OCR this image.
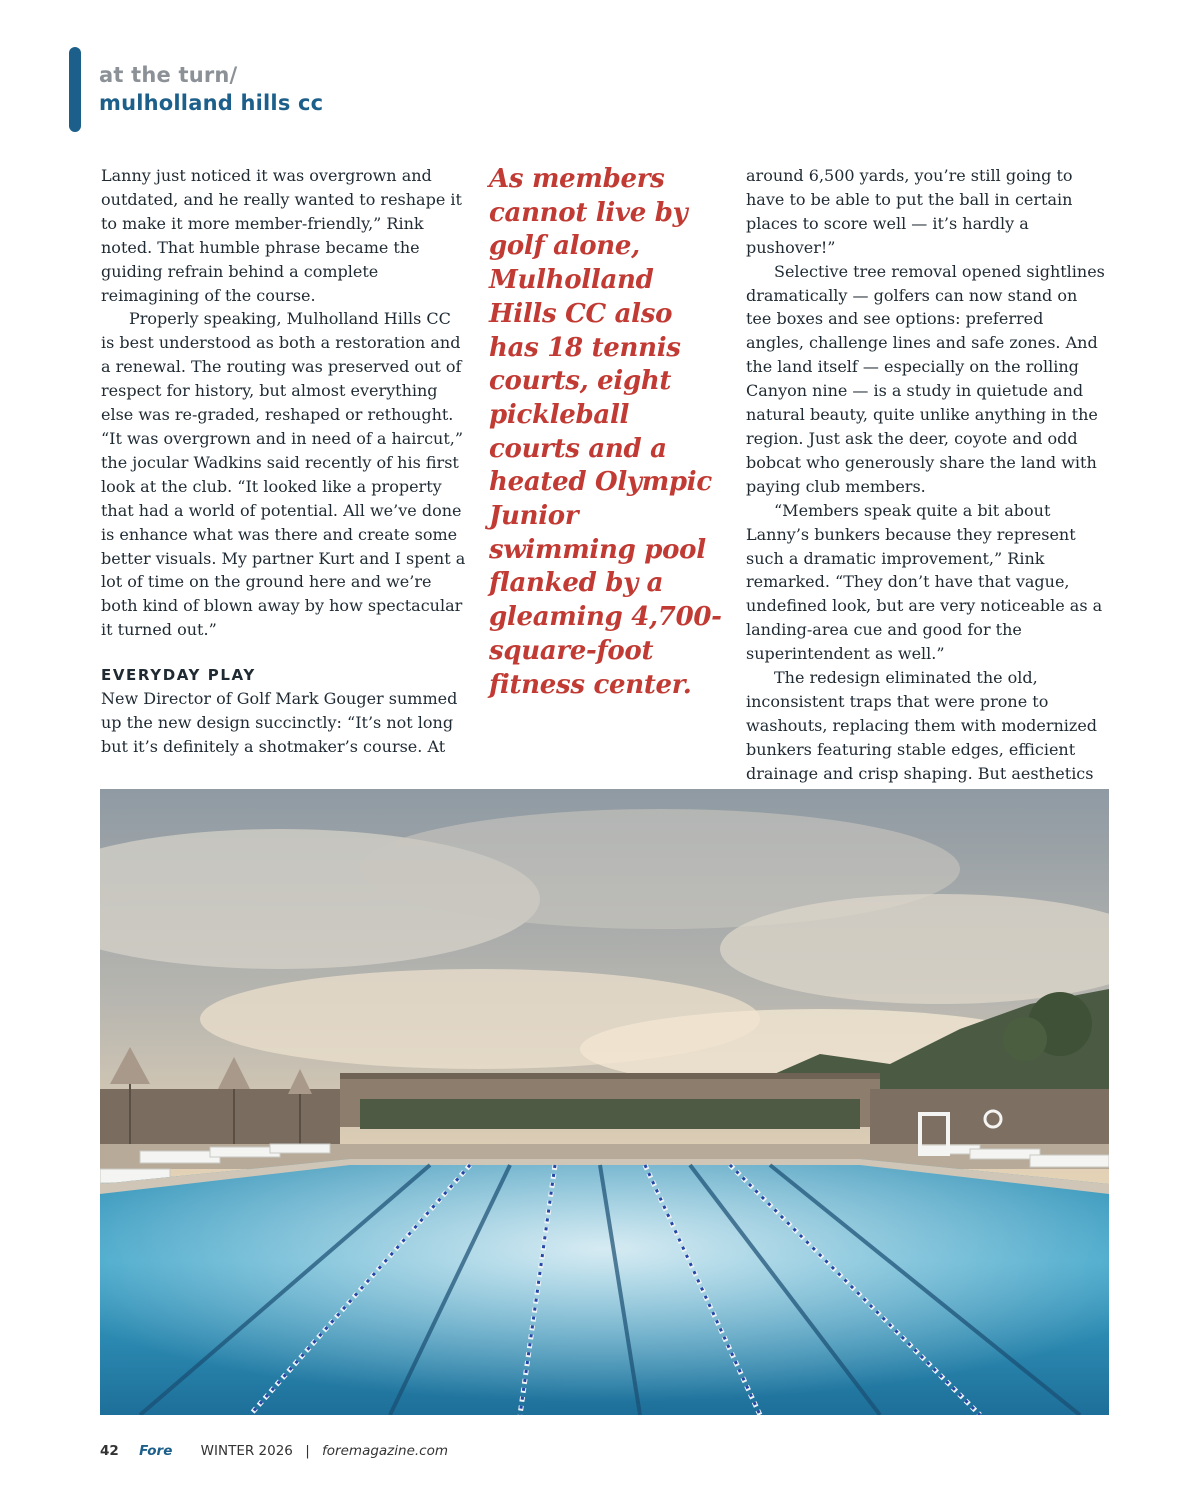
at the turn/
mulholland hills cc

Lanny just noticed it was overgrown and outdated, and he really wanted to reshape it to make it more member-friendly,” Rink noted. That humble phrase became the guiding refrain behind a complete reimagining of the course.

Properly speaking, Mulholland Hills CC is best understood as both a restoration and a renewal. The routing was preserved out of respect for history, but almost everything else was re-graded, reshaped or rethought. “It was overgrown and in need of a haircut,” the jocular Wadkins said recently of his first look at the club. “It looked like a property that had a world of potential. All we’ve done is enhance what was there and create some better visuals. My partner Kurt and I spent a lot of time on the ground here and we’re both kind of blown away by how spectacular it turned out.”

EVERYDAY PLAY

New Director of Golf Mark Gouger summed up the new design succinctly: “It’s not long but it’s definitely a shotmaker’s course. At

As members cannot live by golf alone, Mulholland Hills CC also has 18 tennis courts, eight pickleball courts and a heated Olympic Junior swimming pool flanked by a gleaming 4,700-square-foot fitness center.

around 6,500 yards, you’re still going to have to be able to put the ball in certain places to score well — it’s hardly a pushover!”

Selective tree removal opened sightlines dramatically — golfers can now stand on tee boxes and see options: preferred angles, challenge lines and safe zones. And the land itself — especially on the rolling Canyon nine — is a study in quietude and natural beauty, quite unlike anything in the region. Just ask the deer, coyote and odd bobcat who generously share the land with paying club members.

“Members speak quite a bit about Lanny’s bunkers because they represent such a dramatic improvement,” Rink remarked. “They don’t have that vague, undefined look, but are very noticeable as a landing-area cue and good for the superintendent as well.”

The redesign eliminated the old, inconsistent traps that were prone to washouts, replacing them with modernized bunkers featuring stable edges, efficient drainage and crisp shaping. But aesthetics

42 Fore WINTER 2026 | foremagazine.com
